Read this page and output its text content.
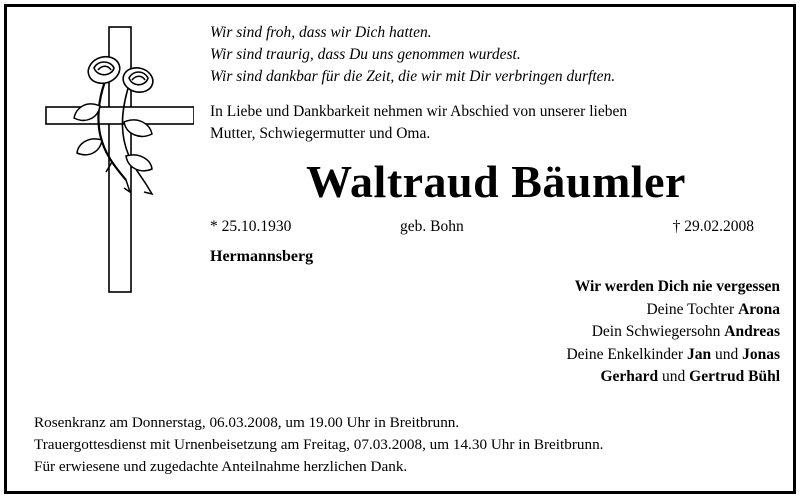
Wir sind froh, dass wir Dich hatten.
Wir sind traurig, dass Du uns genommen wurdest.
Wir sind dankbar für die Zeit, die wir mit Dir verbringen durften.
In Liebe und Dankbarkeit nehmen wir Abschied von unserer lieben
Mutter, Schwiegermutter und Oma.
Waltraud Bäumler
* 25.10.1930	geb. Bohn	† 29.02.2008
Hermannsberg
Wir werden Dich nie vergessen
Deine Tochter Arona
Dein Schwiegersohn Andreas
Deine Enkelkinder Jan und Jonas
Gerhard und Gertrud Bühl
Rosenkranz am Donnerstag, 06.03.2008, um 19.00 Uhr in Breitbrunn.
Trauergottesdienst mit Urnenbeisetzung am Freitag, 07.03.2008, um 14.30 Uhr in Breitbrunn.
Für erwiesene und zugedachte Anteilnahme herzlichen Dank.
